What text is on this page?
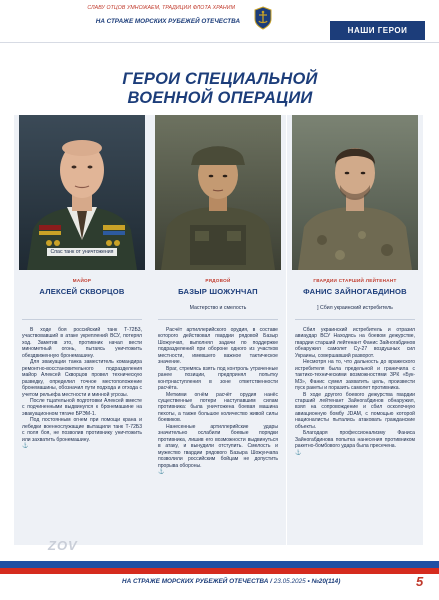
СЛАВУ ОТЦОВ УМНОЖАЕМ, ТРАДИЦИИ ФЛОТА ХРАНИМ
НА СТРАЖЕ МОРСКИХ РУБЕЖЕЙ ОТЕЧЕСТВА
НАШИ ГЕРОИ
ГЕРОИ СПЕЦИАЛЬНОЙ
ВОЕННОЙ ОПЕРАЦИИ
Спас танк от уничтожения
МАЙОР
АЛЕКСЕЙ СКВОРЦОВ

В ходе боя российский танк Т-72Б3, участвовавший в атаке укреплений ВСУ, потерял ход. Заметив это, противник начал вести минометный огонь, пытаясь уничтожить обездвиженную бронемашину.

Для эвакуации танка заместитель командира ремонтно-восстановительного подразделения майор Алексей Скворцов провел техническую разведку, определил точное местоположение бронемашины, обозначил пути подхода и отхода с учетом рельефа местности и минной угрозы.

После тщательной подготовки Алексей вместе с подчиненными выдвинулся к бронемашине на эвакуационном тягаче БРЭМ-1.

Под постоянным огнем при помощи крана и лебедки военнослужащие вытащили танк Т-72Б3 с поля боя, не позволив противнику уничтожить или захватить бронемашину.

⚓
РЯДОВОЙ
БАЗЫР ШОЖУНЧАП
Мастерство и смелость

Расчёт артиллерийского орудия, в составе которого действовал гвардии рядовой Базыр Шожунчап, выполнял задачи по поддержке подразделений при обороне одного из участков местности, имевшего важное тактическое значение.

Враг, стремясь взять под контроль утраченные ранее позиции, предпринял попытку контрнаступления в зоне ответственности расчёта.

Меткими огнём расчёт орудия нанёс существенные потери наступавшим силам противника: была уничтожена боевая машина пехоты, а также большое количество живой силы боевиков.

Нанесенные артиллерийские удары значительно ослабили боевые порядки противника, лишив его возможности выдвинуться в атаку, и вынудили отступить. Смелость и мужество гвардии рядового Базыра Шожунчапа позволили российским бойцам не допустить прорыва обороны.

⚓
ГВАРДИИ СТАРШИЙ ЛЕЙТЕНАНТ
ФАНИС ЗАЙНОГАБДИНОВ
] Сбил украинский истребитель

Сбил украинский истребитель и отразил авиаудар ВСУ Находясь на боевом дежурстве, гвардии старший лейтенант Фанис Зайногабдинов обнаружил самолет Су-27 воздушных сил Украины, совершавший разворот.

Несмотря на то, что дальность до вражеского истребителя была предельной и граничила с тактико-техническими возможностями ЗРК «Бук-М3», Фанис сумел захватить цель, произвести пуск ракеты и поразить самолет противника.

В ходе другого боевого дежурства гвардии старший лейтенант Зайногабдинов обнаружил, взял на сопровождение и сбил осколочную авиационную бомбу JDAM, с помощью которой националисты пытались атаковать гражданские объекты.

Благодаря профессионализму Фаниса Зайногабдинова попытка нанесения противником ракетно-бомбового удара была пресечена.

⚓
ZOV
НА СТРАЖЕ МОРСКИХ РУБЕЖЕЙ ОТЕЧЕСТВА / 23.05.2025 • №20(114)	5
